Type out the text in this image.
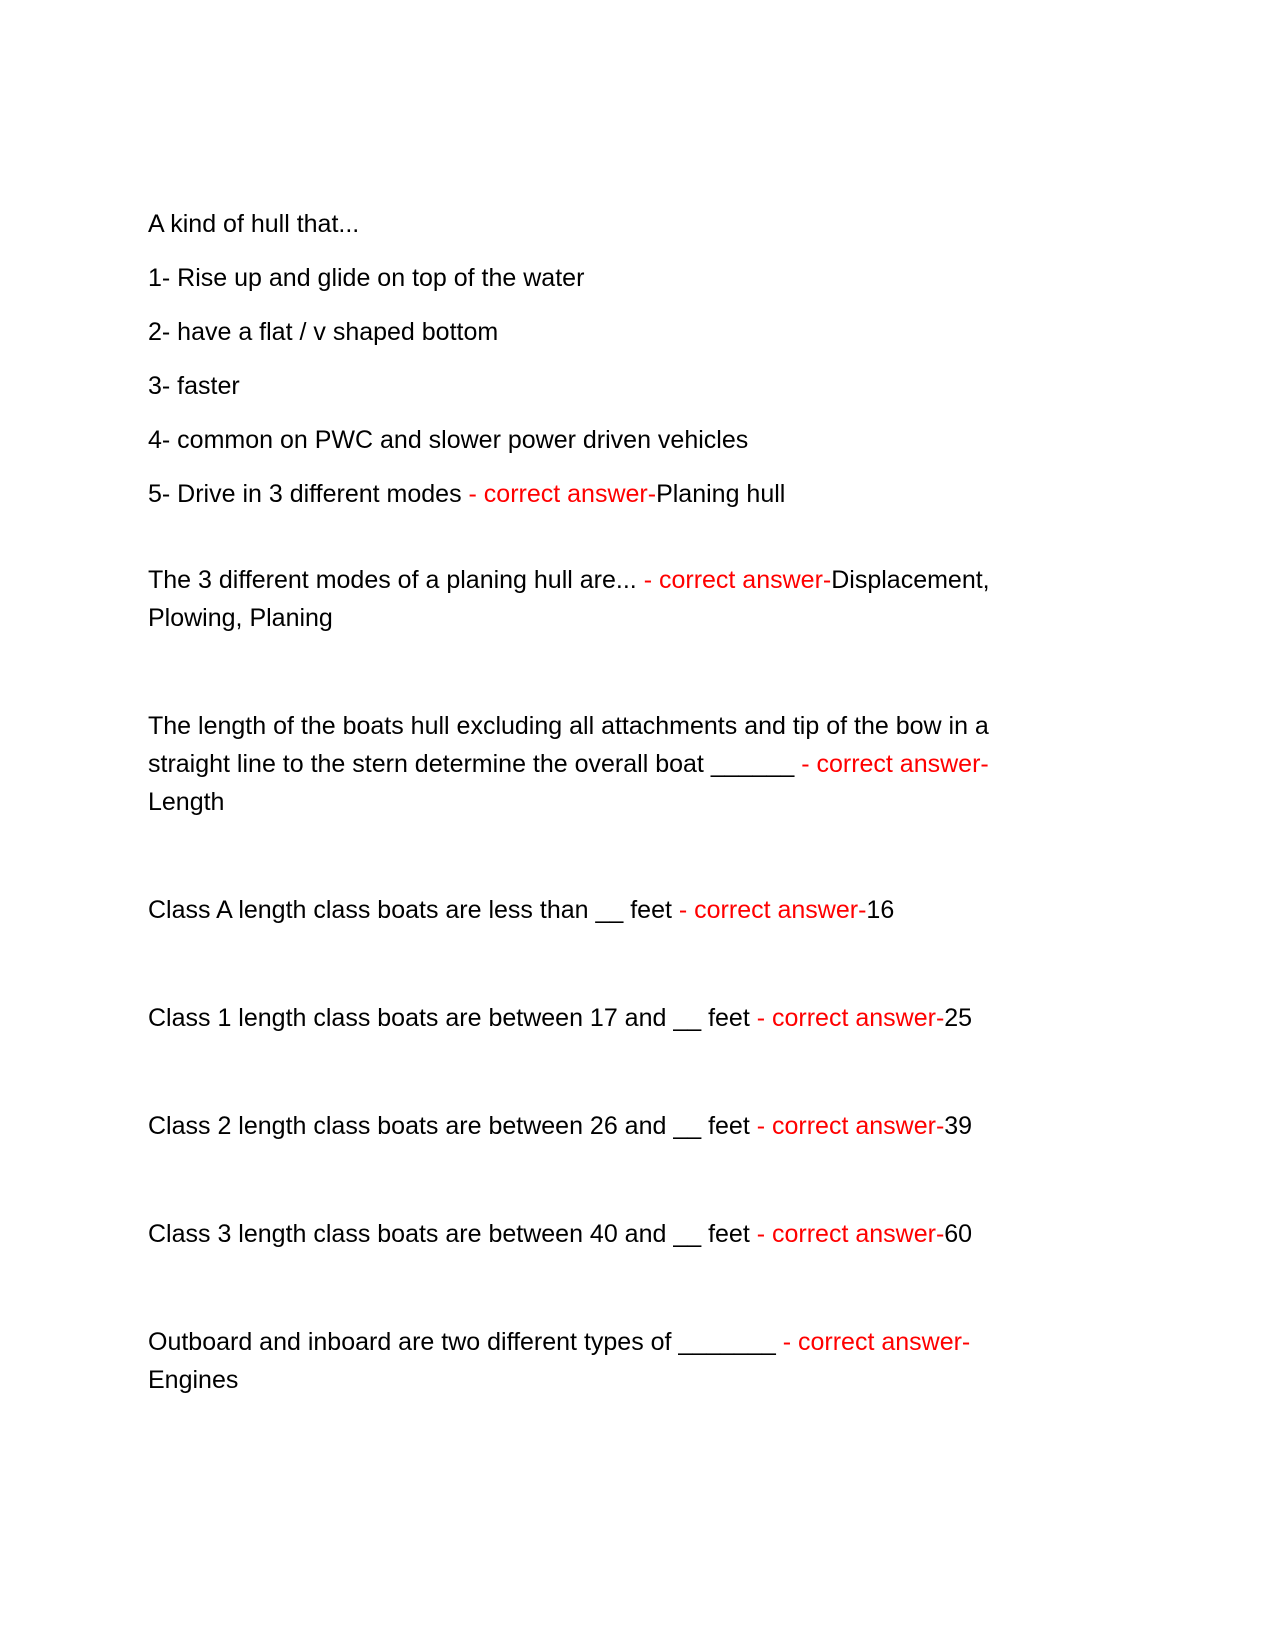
A kind of hull that...

1- Rise up and glide on top of the water

2- have a flat / v shaped bottom

3- faster

4- common on PWC and slower power driven vehicles

5- Drive in 3 different modes - correct answer-Planing hull

The 3 different modes of a planing hull are... - correct answer-Displacement,
Plowing, Planing
The length of the boats hull excluding all attachments and tip of the bow in a
straight line to the stern determine the overall boat ______ - correct answer-
Length
Class A length class boats are less than __ feet - correct answer-16
Class 1 length class boats are between 17 and __ feet - correct answer-25
Class 2 length class boats are between 26 and __ feet - correct answer-39
Class 3 length class boats are between 40 and __ feet - correct answer-60
Outboard and inboard are two different types of _______ - correct answer-
Engines
